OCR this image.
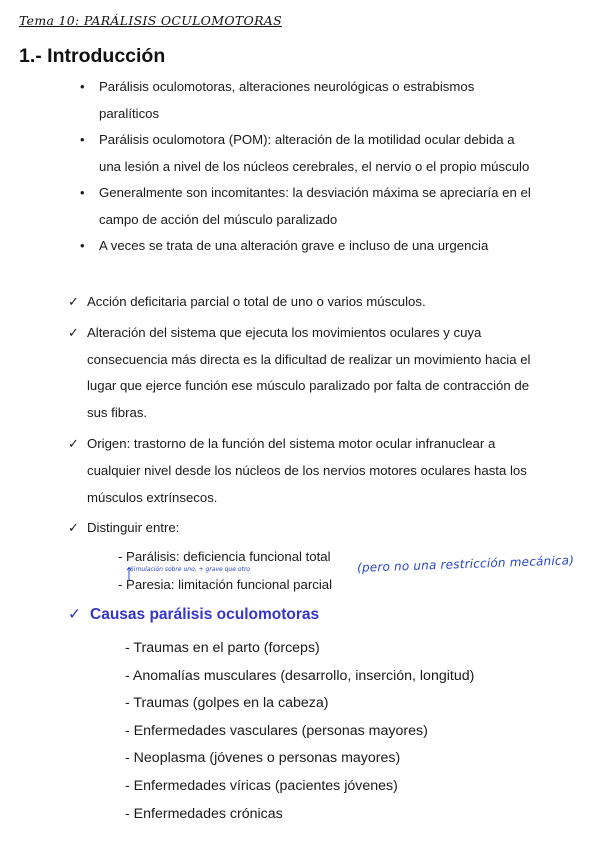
Tema 10: PARÁLISIS OCULOMOTORAS
1.- Introducción
• Parálisis oculomotoras, alteraciones neurológicas o estrabismos paralíticos
• Parálisis oculomotora (POM): alteración de la motilidad ocular debida a una lesión a nivel de los núcleos cerebrales, el nervio o el propio músculo
• Generalmente son incomitantes: la desviación máxima se apreciaría en el campo de acción del músculo paralizado
• A veces se trata de una alteración grave e incluso de una urgencia
✓ Acción deficitaria parcial o total de uno o varios músculos.
✓ Alteración del sistema que ejecuta los movimientos oculares y cuya consecuencia más directa es la dificultad de realizar un movimiento hacia el lugar que ejerce función ese músculo paralizado por falta de contracción de sus fibras.
✓ Origen: trastorno de la función del sistema motor ocular infranuclear a cualquier nivel desde los núcleos de los nervios motores oculares hasta los músculos extrínsecos.
✓ Distinguir entre:
- Parálisis: deficiencia funcional total
- Paresia: limitación funcional parcial
(pero no una restricción mecánica)
Simulación sobre uno, + grave que otro
✓ Causas parálisis oculomotoras
- Traumas en el parto (forceps)
- Anomalías musculares (desarrollo, inserción, longitud)
- Traumas (golpes en la cabeza)
- Enfermedades vasculares (personas mayores)
- Neoplasma (jóvenes o personas mayores)
- Enfermedades víricas (pacientes jóvenes)
- Enfermedades crónicas
